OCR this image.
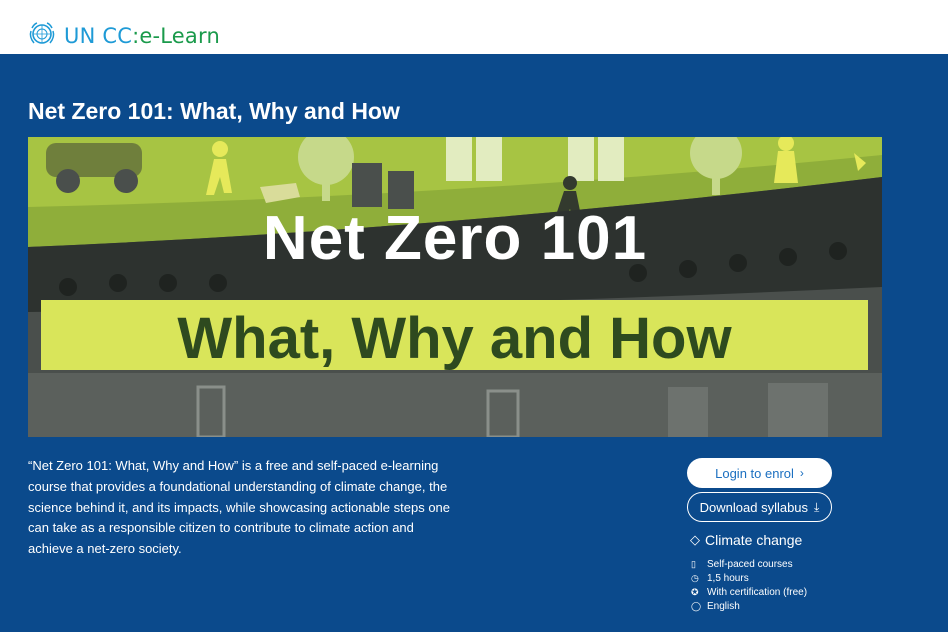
UN CC:e-Learn
Net Zero 101: What, Why and How
Net Zero 101
What, Why and How

“Net Zero 101: What, Why and How” is a free and self-paced e-learning course that provides a foundational understanding of climate change, the science behind it, and its impacts, while showcasing actionable steps one can take as a responsible citizen to contribute to climate action and achieve a net-zero society.

Login to enrol ›
Download syllabus ⤓
◇ Climate change
▯	Self-paced courses
◷ 1,5 hours
✪ With certification (free)
◯ English
